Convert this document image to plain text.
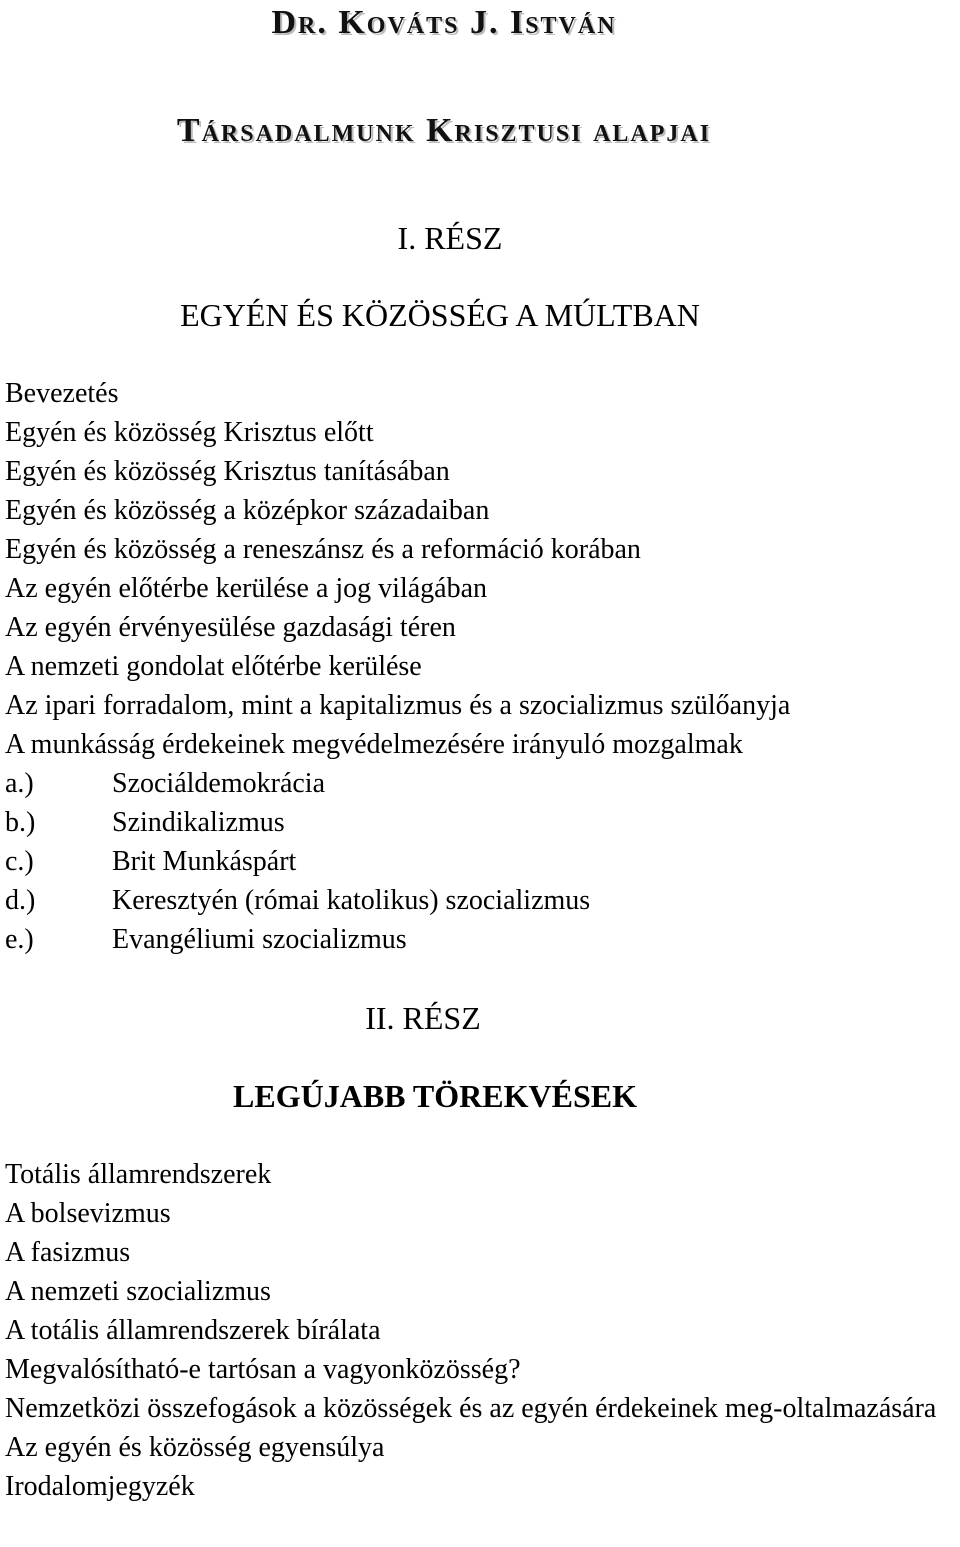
Dr. Kováts J. István
Társadalmunk Krisztusi alapjai
I. RÉSZ
EGYÉN ÉS KÖZÖSSÉG A MÚLTBAN
Bevezetés
Egyén és közösség Krisztus előtt
Egyén és közösség Krisztus tanításában
Egyén és közösség a középkor századaiban
Egyén és közösség a reneszánsz és a reformáció korában
Az egyén előtérbe kerülése a jog világában
Az egyén érvényesülése gazdasági téren
A nemzeti gondolat előtérbe kerülése
Az ipari forradalom, mint a kapitalizmus és a szocializmus szülőanyja
A munkásság érdekeinek megvédelmezésére irányuló mozgalmak
a.)	Szociáldemokrácia
b.)	Szindikalizmus
c.)	Brit Munkáspárt
d.)	Keresztyén (római katolikus) szocializmus
e.)	Evangéliumi szocializmus
II. RÉSZ
LEGÚJABB TÖREKVÉSEK
Totális államrendszerek
A bolsevizmus
A fasizmus
A nemzeti szocializmus
A totális államrendszerek bírálata
Megvalósítható-e tartósan a vagyonközösség?
Nemzetközi összefogások a közösségek és az egyén érdekeinek meg-oltalmazására
Az egyén és közösség egyensúlya
Irodalomjegyzék
